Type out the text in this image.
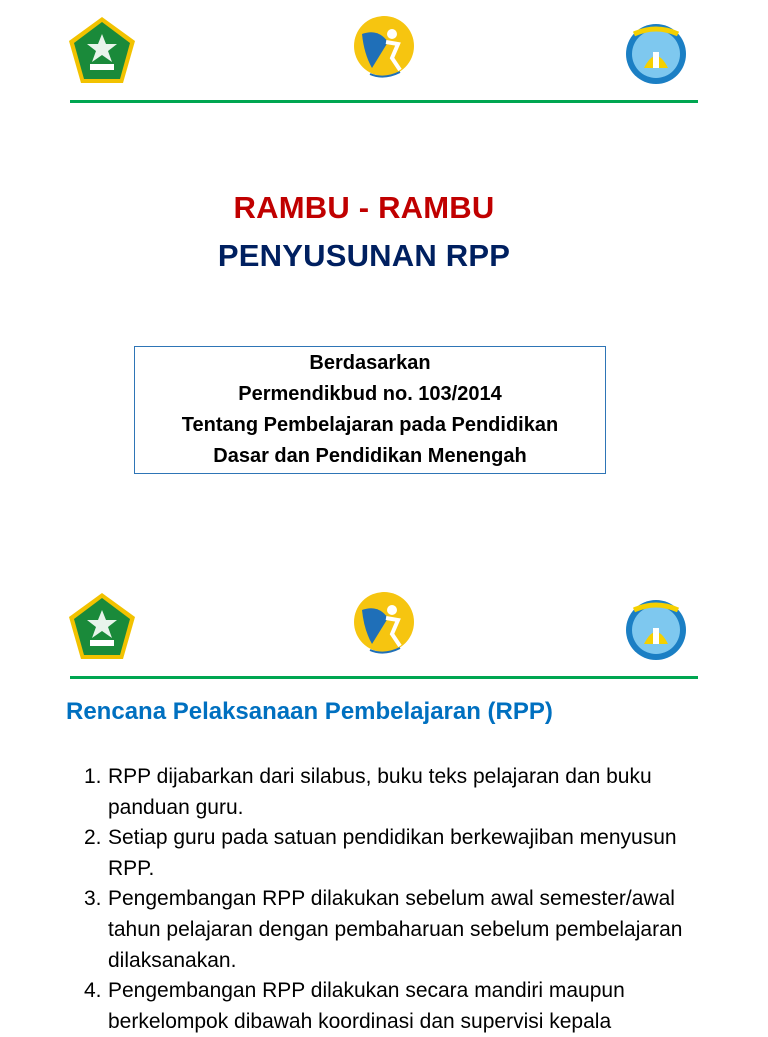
RAMBU - RAMBU
PENYUSUNAN RPP
Berdasarkan
Permendikbud no. 103/2014
Tentang Pembelajaran pada Pendidikan
Dasar dan Pendidikan Menengah
Rencana Pelaksanaan Pembelajaran (RPP)
1. RPP dijabarkan dari silabus, buku teks pelajaran dan buku panduan guru.
2. Setiap guru pada satuan pendidikan berkewajiban menyusun RPP.
3. Pengembangan RPP dilakukan sebelum awal semester/awal tahun pelajaran dengan pembaharuan sebelum pembelajaran dilaksanakan.
4. Pengembangan RPP dilakukan secara mandiri maupun berkelompok dibawah koordinasi dan supervisi kepala
